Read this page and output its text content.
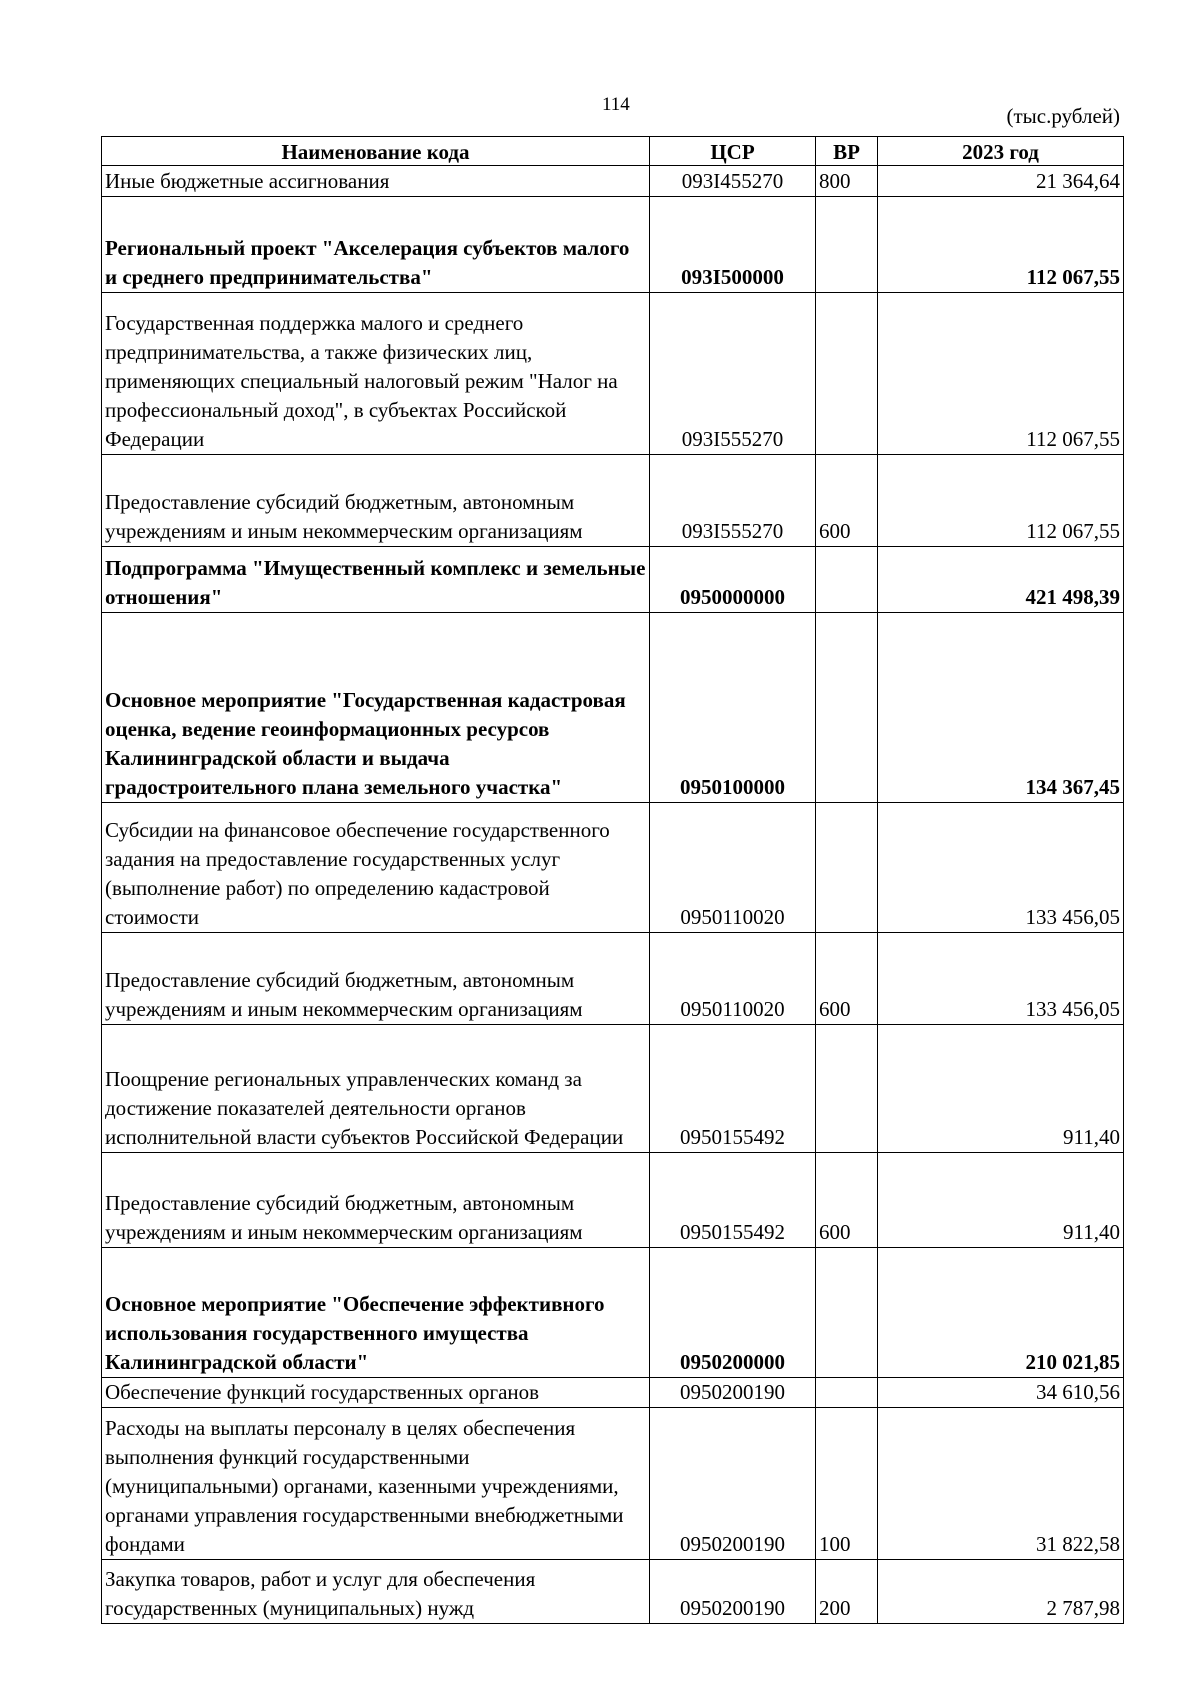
114	(тыс.рублей)
Наименование кода	ЦСР	ВР	2023 год
Иные бюджетные ассигнования	093I455270	800	21 364,64
Региональный проект "Акселерация субъектов малого и среднего предпринимательства"	093I500000		112 067,55
Государственная поддержка малого и среднего предпринимательства, а также физических лиц, применяющих специальный налоговый режим "Налог на профессиональный доход", в субъектах Российской Федерации	093I555270		112 067,55
Предоставление субсидий бюджетным, автономным учреждениям и иным некоммерческим организациям	093I555270	600	112 067,55
Подпрограмма "Имущественный комплекс и земельные отношения"	0950000000		421 498,39
Основное мероприятие "Государственная кадастровая оценка, ведение геоинформационных ресурсов Калининградской области и выдача градостроительного плана земельного участка"	0950100000		134 367,45
Субсидии на финансовое обеспечение государственного задания на предоставление государственных услуг (выполнение работ) по определению кадастровой стоимости	0950110020		133 456,05
Предоставление субсидий бюджетным, автономным учреждениям и иным некоммерческим организациям	0950110020	600	133 456,05
Поощрение региональных управленческих команд за достижение показателей деятельности органов исполнительной власти субъектов Российской Федерации	0950155492		911,40
Предоставление субсидий бюджетным, автономным учреждениям и иным некоммерческим организациям	0950155492	600	911,40
Основное мероприятие "Обеспечение эффективного использования государственного имущества Калининградской области"	0950200000		210 021,85
Обеспечение функций государственных органов	0950200190		34 610,56
Расходы на выплаты персоналу в целях обеспечения выполнения функций государственными (муниципальными) органами, казенными учреждениями, органами управления государственными внебюджетными фондами	0950200190	100	31 822,58
Закупка товаров, работ и услуг для обеспечения государственных (муниципальных) нужд	0950200190	200	2 787,98
